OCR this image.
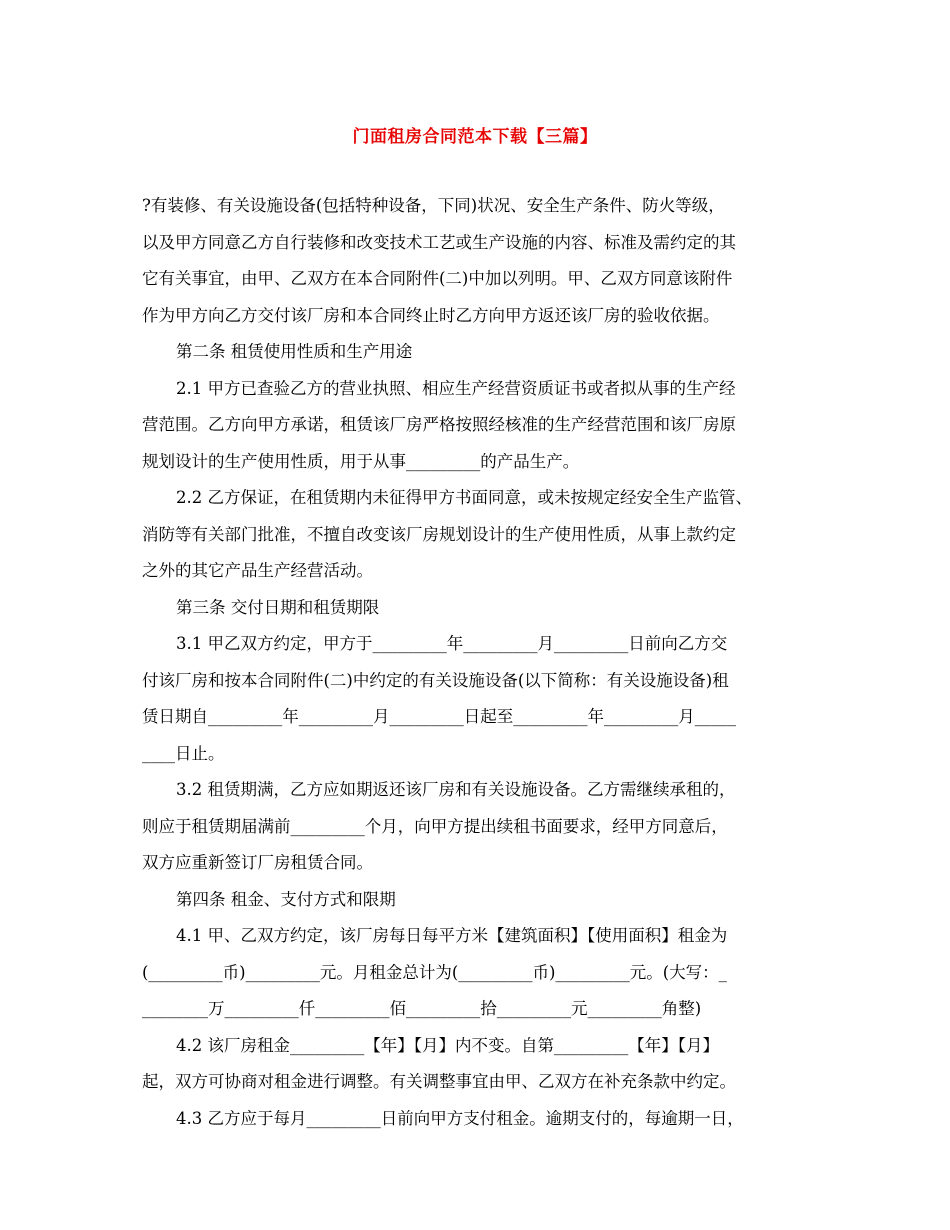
门面租房合同范本下载【三篇】
?有装修、有关设施设备(包括特种设备，下同)状况、安全生产条件、防火等级，
以及甲方同意乙方自行装修和改变技术工艺或生产设施的内容、标准及需约定的其
它有关事宜，由甲、乙双方在本合同附件(二)中加以列明。甲、乙双方同意该附件
作为甲方向乙方交付该厂房和本合同终止时乙方向甲方返还该厂房的验收依据。
第二条 租赁使用性质和生产用途
2.1 甲方已查验乙方的营业执照、相应生产经营资质证书或者拟从事的生产经
营范围。乙方向甲方承诺，租赁该厂房严格按照经核准的生产经营范围和该厂房原
规划设计的生产使用性质，用于从事_________的产品生产。
2.2 乙方保证，在租赁期内未征得甲方书面同意，或未按规定经安全生产监管、
消防等有关部门批准，不擅自改变该厂房规划设计的生产使用性质，从事上款约定
之外的其它产品生产经营活动。
第三条 交付日期和租赁期限
3.1 甲乙双方约定，甲方于_________年_________月_________日前向乙方交
付该厂房和按本合同附件(二)中约定的有关设施设备(以下简称：有关设施设备)租
赁日期自_________年_________月_________日起至_________年_________月_____
____日止。
3.2 租赁期满，乙方应如期返还该厂房和有关设施设备。乙方需继续承租的，
则应于租赁期届满前_________个月，向甲方提出续租书面要求，经甲方同意后，
双方应重新签订厂房租赁合同。
第四条 租金、支付方式和限期
4.1 甲、乙双方约定，该厂房每日每平方米【建筑面积】【使用面积】租金为
(_________币)_________元。月租金总计为(_________币)_________元。(大写：_
________万_________仟_________佰_________拾_________元_________角整)
4.2 该厂房租金_________【年】【月】内不变。自第_________【年】【月】
起，双方可协商对租金进行调整。有关调整事宜由甲、乙双方在补充条款中约定。
4.3 乙方应于每月_________日前向甲方支付租金。逾期支付的，每逾期一日，
